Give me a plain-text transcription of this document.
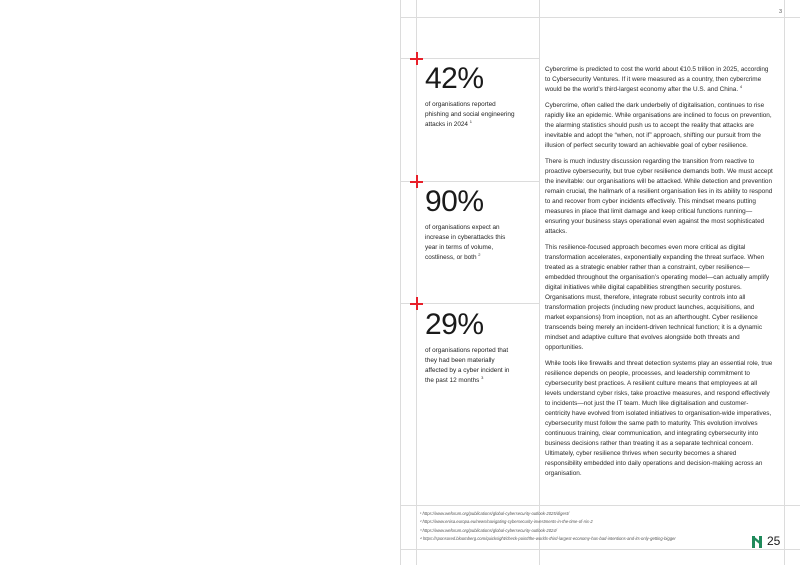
3
42%
of organisations reported phishing and social engineering attacks in 2024 $^1$
90%
of organisations expect an increase in cyberattacks this year in terms of volume, costliness, or both $^2$
29%
of organisations reported that they had been materially affected by a cyber incident in the past 12 months $^3$

Cybercrime is predicted to cost the world about €10.5 trillion in 2025, according to Cybersecurity Ventures. If it were measured as a country, then cybercrime would be the world’s third-largest economy after the U.S. and China. $^4$

Cybercrime, often called the dark underbelly of digitalisation, continues to rise rapidly like an epidemic. While organisations are inclined to focus on prevention, the alarming statistics should push us to accept the reality that attacks are inevitable and adopt the “when, not if” approach, shifting our pursuit from the illusion of perfect security toward an achievable goal of cyber resilience.

There is much industry discussion regarding the transition from reactive to proactive cybersecurity, but true cyber resilience demands both. We must accept the inevitable: our organisations will be attacked. While detection and prevention remain crucial, the hallmark of a resilient organisation lies in its ability to respond to and recover from cyber incidents effectively. This mindset means putting measures in place that limit damage and keep critical functions running—ensuring your business stays operational even against the most sophisticated attacks.

This resilience-focused approach becomes even more critical as digital transformation accelerates, exponentially expanding the threat surface. When treated as a strategic enabler rather than a constraint, cyber resilience—embedded throughout the organisation’s operating model—can actually amplify digital initiatives while digital capabilities strengthen security postures. Organisations must, therefore, integrate robust security controls into all transformation projects (including new product launches, acquisitions, and market expansions) from inception, not as an afterthought. Cyber resilience transcends being merely an incident-driven technical function; it is a dynamic mindset and adaptive culture that evolves alongside both threats and opportunities.

While tools like firewalls and threat detection systems play an essential role, true resilience depends on people, processes, and leadership commitment to cybersecurity best practices. A resilient culture means that employees at all levels understand cyber risks, take proactive measures, and respond effectively to incidents—not just the IT team. Much like digitalisation and customer-centricity have evolved from isolated initiatives to organisation-wide imperatives, cybersecurity must follow the same path to maturity. This evolution involves continuous training, clear communication, and integrating cybersecurity into business decisions rather than treating it as a separate technical concern. Ultimately, cyber resilience thrives when security becomes a shared responsibility embedded into daily operations and decision-making across an organisation.

¹ https://www.weforum.org/publications/global-cybersecurity-outlook-2025/digest/
² https://www.enisa.europa.eu/news/navigating-cybersecurity-investments-in-the-time-of-nis-2
³ https://www.weforum.org/publications/global-cybersecurity-outlook-2024/
⁴ https://sponsored.bloomberg.com/quicksight/check-point/the-worlds-third-largest-economy-has-bad-intentions-and-its-only-getting-bigger	25
